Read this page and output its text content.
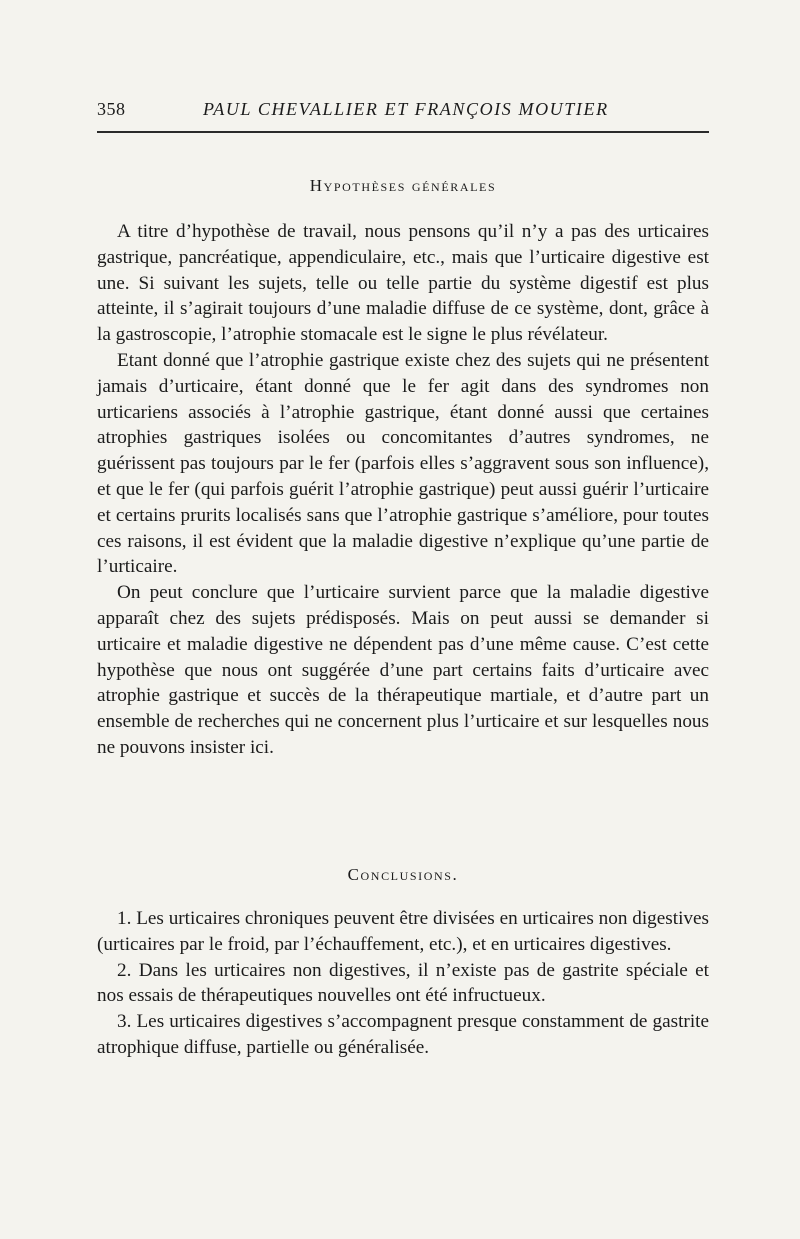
358	PAUL CHEVALLIER ET FRANÇOIS MOUTIER
Hypothèses générales

A titre d’hypothèse de travail, nous pensons qu’il n’y a pas des urticaires gastrique, pancréatique, appendiculaire, etc., mais que l’urticaire digestive est une. Si suivant les sujets, telle ou telle partie du système digestif est plus atteinte, il s’agirait toujours d’une maladie diffuse de ce système, dont, grâce à la gastroscopie, l’atrophie stomacale est le signe le plus révélateur.

Etant donné que l’atrophie gastrique existe chez des sujets qui ne présentent jamais d’urticaire, étant donné que le fer agit dans des syndromes non urticariens associés à l’atrophie gastrique, étant donné aussi que certaines atrophies gastriques isolées ou concomitantes d’autres syndromes, ne guérissent pas toujours par le fer (parfois elles s’aggravent sous son influence), et que le fer (qui parfois guérit l’atrophie gastrique) peut aussi guérir l’urticaire et certains prurits localisés sans que l’atrophie gastrique s’améliore, pour toutes ces raisons, il est évident que la maladie digestive n’explique qu’une partie de l’urticaire.

On peut conclure que l’urticaire survient parce que la maladie digestive apparaît chez des sujets prédisposés. Mais on peut aussi se demander si urticaire et maladie digestive ne dépendent pas d’une même cause. C’est cette hypothèse que nous ont suggérée d’une part certains faits d’urticaire avec atrophie gastrique et succès de la thérapeutique martiale, et d’autre part un ensemble de recherches qui ne concernent plus l’urticaire et sur lesquelles nous ne pouvons insister ici.

Conclusions.

1. Les urticaires chroniques peuvent être divisées en urticaires non digestives (urticaires par le froid, par l’échauffement, etc.), et en urticaires digestives.

2. Dans les urticaires non digestives, il n’existe pas de gastrite spéciale et nos essais de thérapeutiques nouvelles ont été infructueux.

3. Les urticaires digestives s’accompagnent presque constamment de gastrite atrophique diffuse, partielle ou généralisée.
